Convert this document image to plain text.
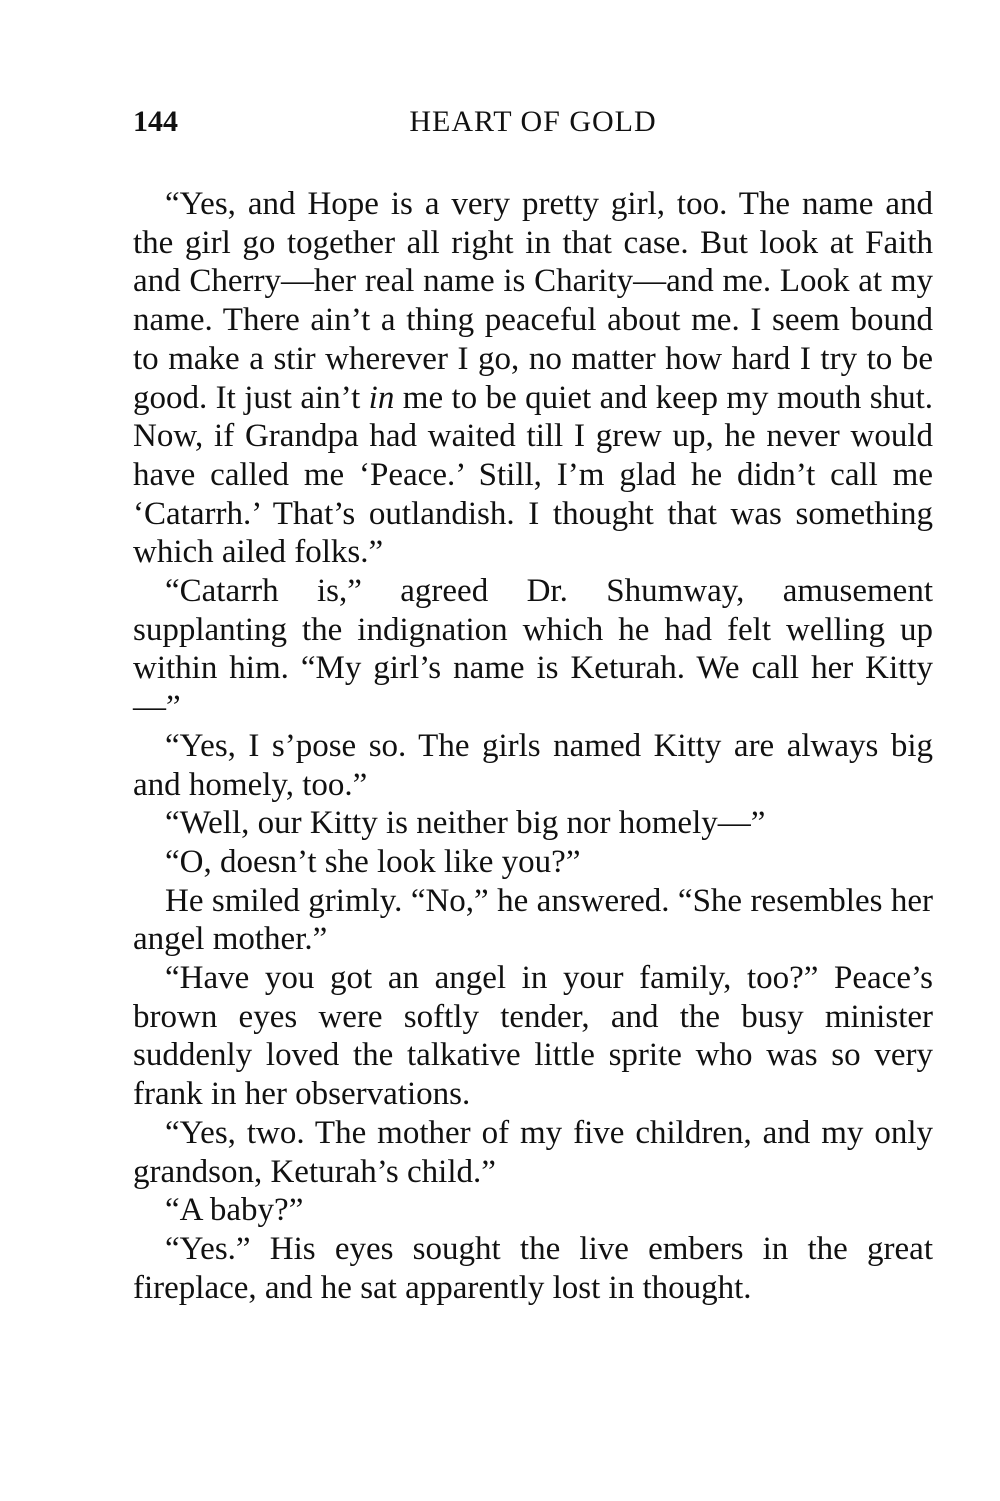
144	HEART OF GOLD

“Yes, and Hope is a very pretty girl, too. The name and the girl go together all right in that case. But look at Faith and Cherry—her real name is Charity—and me. Look at my name. There ain’t a thing peaceful about me. I seem bound to make a stir wherever I go, no matter how hard I try to be good. It just ain’t in me to be quiet and keep my mouth shut. Now, if Grandpa had waited till I grew up, he never would have called me ‘Peace.’ Still, I’m glad he didn’t call me ‘Catarrh.’ That’s outlandish. I thought that was something which ailed folks.”

“Catarrh is,” agreed Dr. Shumway, amusement supplanting the indignation which he had felt welling up within him. “My girl’s name is Keturah. We call her Kitty—”

“Yes, I s’pose so. The girls named Kitty are always big and homely, too.”

“Well, our Kitty is neither big nor homely—”

“O, doesn’t she look like you?”

He smiled grimly. “No,” he answered. “She resembles her angel mother.”

“Have you got an angel in your family, too?” Peace’s brown eyes were softly tender, and the busy minister suddenly loved the talkative little sprite who was so very frank in her observations.

“Yes, two. The mother of my five children, and my only grandson, Keturah’s child.”

“A baby?”

“Yes.” His eyes sought the live embers in the great fireplace, and he sat apparently lost in thought.
